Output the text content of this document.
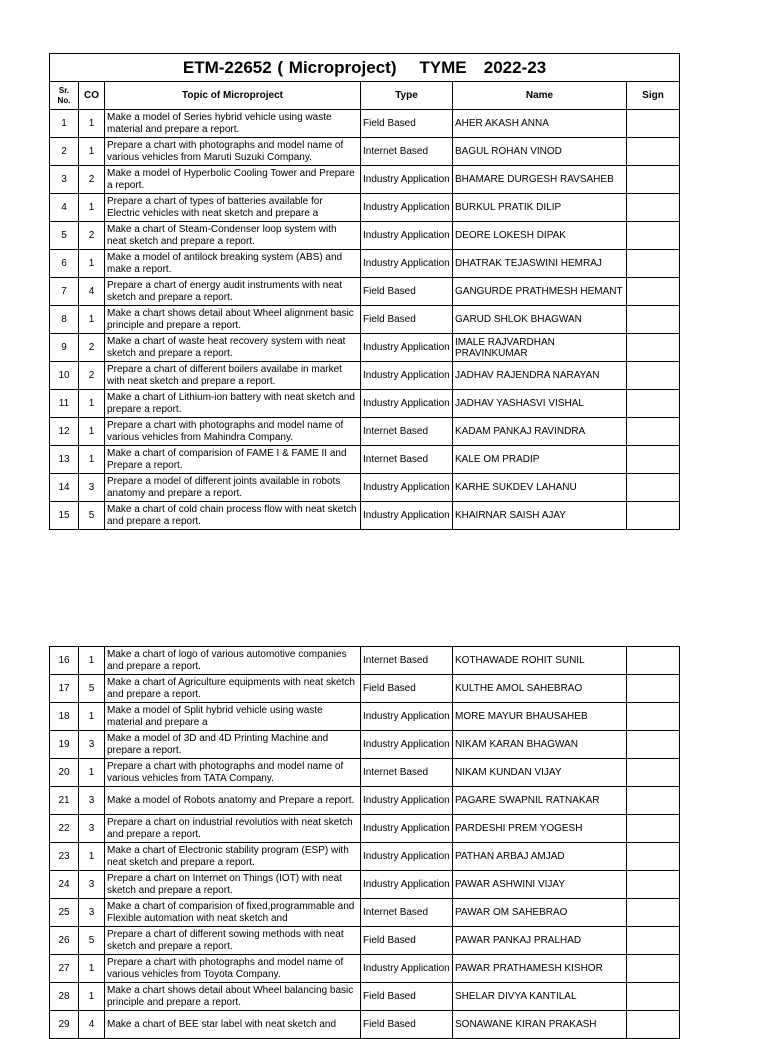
ETM-22652 ( Microproject)    TYME   2022-23					
Sr. No.	CO	Topic of Microproject	Type	Name	Sign
1	1	Make a model of Series hybrid vehicle using waste material and prepare a report.	Field Based	AHER AKASH ANNA	
2	1	Prepare a chart with photographs and model name of various vehicles from Maruti Suzuki Company.	Internet Based	BAGUL ROHAN VINOD	
3	2	Make a model of Hyperbolic Cooling Tower and Prepare a report.	Industry Application	BHAMARE DURGESH RAVSAHEB	
4	1	Prepare a chart of types of batteries available for Electric vehicles with neat sketch and prepare a	Industry Application	BURKUL PRATIK DILIP	
5	2	Make a chart of Steam-Condenser loop system with neat sketch and prepare a report.	Industry Application	DEORE LOKESH DIPAK	
6	1	Make a model of antilock breaking system (ABS) and make a report.	Industry Application	DHATRAK TEJASWINI HEMRAJ	
7	4	Prepare a chart of energy audit instruments with neat sketch and prepare a report.	Field Based	GANGURDE PRATHMESH HEMANT	
8	1	Make a chart shows detail about Wheel alignment basic principle and prepare a report.	Field Based	GARUD SHLOK BHAGWAN	
9	2	Make a chart of waste heat recovery system with neat sketch and prepare a report.	Industry Application	IMALE RAJVARDHAN PRAVINKUMAR	
10	2	Prepare a chart of different boilers availabe in market with neat sketch and prepare a report.	Industry Application	JADHAV RAJENDRA NARAYAN	
11	1	Make a chart of Lithium-ion battery with neat sketch and prepare a report.	Industry Application	JADHAV YASHASVI VISHAL	
12	1	Prepare a chart with photographs and model name of various vehicles from Mahindra Company.	Internet Based	KADAM PANKAJ RAVINDRA	
13	1	Make a chart of comparision of FAME I & FAME II and Prepare a report.	Internet Based	KALE OM PRADIP	
14	3	Prepare a model of different joints available in robots anatomy and prepare a report.	Industry Application	KARHE SUKDEV LAHANU	
15	5	Make a chart of cold chain process flow with neat sketch and prepare a report.	Industry Application	KHAIRNAR SAISH AJAY	
16	1	Make a chart of logo of various automotive companies and prepare a report.	Internet Based	KOTHAWADE ROHIT SUNIL	
17	5	Make a chart of Agriculture equipments with neat sketch and prepare a report.	Field Based	KULTHE AMOL SAHEBRAO	
18	1	Make a model of Split hybrid vehicle using waste material and prepare a	Industry Application	MORE MAYUR BHAUSAHEB	
19	3	Make a model of 3D and 4D Printing Machine and prepare a report.	Industry Application	NIKAM KARAN BHAGWAN	
20	1	Prepare a chart with photographs and model name of various vehicles from TATA Company.	Internet Based	NIKAM KUNDAN VIJAY	
21	3	Make a model of Robots anatomy and Prepare a report.	Industry Application	PAGARE SWAPNIL RATNAKAR	
22	3	Prepare a chart on industrial revolutios with neat sketch and prepare a report.	Industry Application	PARDESHI PREM YOGESH	
23	1	Make a chart of Electronic stability program (ESP) with neat sketch and prepare a report.	Industry Application	PATHAN ARBAJ AMJAD	
24	3	Prepare a chart on Internet on Things (IOT) with neat sketch and prepare a report.	Industry Application	PAWAR ASHWINI VIJAY	
25	3	Make a chart of comparision of fixed,programmable and Flexible automation with neat sketch and	Internet Based	PAWAR OM SAHEBRAO	
26	5	Prepare a chart of different sowing methods with neat sketch and prepare a report.	Field Based	PAWAR PANKAJ PRALHAD	
27	1	Prepare a chart with photographs and model name of various vehicles from Toyota Company.	Industry Application	PAWAR PRATHAMESH KISHOR	
28	1	Make a chart shows detail about Wheel balancing basic principle and prepare a report.	Field Based	SHELAR DIVYA KANTILAL	
29	4	Make a chart of BEE star label with neat sketch and	Field Based	SONAWANE KIRAN PRAKASH	
